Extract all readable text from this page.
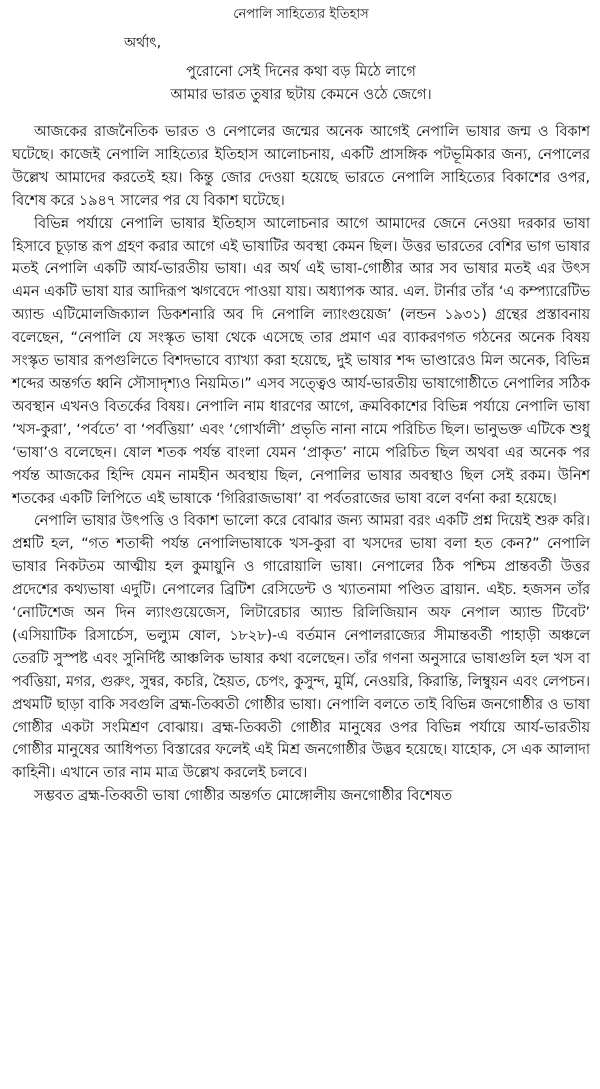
নেপালি সাহিত্যের ইতিহাস
অর্থাৎ,

পুরোনো সেই দিনের কথা বড় মিঠে লাগে

আমার ভারত তুষার ছটায় কেমনে ওঠে জেগে।

আজকের রাজনৈতিক ভারত ও নেপালের জন্মের অনেক আগেই নেপালি ভাষার জন্ম ও বিকাশ ঘটেছে। কাজেই নেপালি সাহিত্যের ইতিহাস আলোচনায়, একটি প্রাসঙ্গিক পটভূমিকার জন্য, নেপালের উল্লেখ আমাদের করতেই হয়। কিন্তু জোর দেওয়া হয়েছে ভারতে নেপালি সাহিত্যের বিকাশের ওপর, বিশেষ করে ১৯৪৭ সালের পর যে বিকাশ ঘটেছে।

বিভিন্ন পর্যায়ে নেপালি ভাষার ইতিহাস আলোচনার আগে আমাদের জেনে নেওয়া দরকার ভাষা হিসাবে চূড়ান্ত রূপ গ্রহণ করার আগে এই ভাষাটির অবস্থা কেমন ছিল। উত্তর ভারতের বেশির ভাগ ভাষার মতই নেপালি একটি আর্য-ভারতীয় ভাষা। এর অর্থ এই ভাষা-গোষ্ঠীর আর সব ভাষার মতই এর উৎস এমন একটি ভাষা যার আদিরূপ ঋগবেদে পাওয়া যায়। অধ্যাপক আর. এল. টার্নার তাঁর ‘এ কম্প্যারেটিভ অ্যান্ড এটিমোলজিক্যাল ডিকশনারি অব দি নেপালি ল্যাংগুয়েজ’ (লন্ডন ১৯৩১) গ্রন্থের প্রস্তাবনায় বলেছেন, “নেপালি যে সংস্কৃত ভাষা থেকে এসেছে তার প্রমাণ এর ব্যাকরণগত গঠনের অনেক বিষয় সংস্কৃত ভাষার রূপগুলিতে বিশদভাবে ব্যাখ্যা করা হয়েছে, দুই ভাষার শব্দ ভাণ্ডারেও মিল অনেক, বিভিন্ন শব্দের অন্তর্গত ধ্বনি সৌসাদৃশ্যও নিয়মিত।” এসব সত্ত্বেও আর্য-ভারতীয় ভাষাগোষ্ঠীতে নেপালির সঠিক অবস্থান এখনও বিতর্কের বিষয়। নেপালি নাম ধারণের আগে, ক্রমবিকাশের বিভিন্ন পর্যায়ে নেপালি ভাষা ‘খস-কুরা’, ‘পর্বতে’ বা ‘পর্বত্তিয়া’ এবং ‘গোর্খালী’ প্রভৃতি নানা নামে পরিচিত ছিল। ভানুভক্ত এটিকে শুধু ‘ভাষা’ও বলেছেন। ষোল শতক পর্যন্ত বাংলা যেমন ‘প্রাকৃত’ নামে পরিচিত ছিল অথবা এর অনেক পর পর্যন্ত আজকের হিন্দি যেমন নামহীন অবস্থায় ছিল, নেপালির ভাষার অবস্থাও ছিল সেই রকম। উনিশ শতকের একটি লিপিতে এই ভাষাকে ‘গিরিরাজভাষা’ বা পর্বতরাজের ভাষা বলে বর্ণনা করা হয়েছে।

নেপালি ভাষার উৎপত্তি ও বিকাশ ভালো করে বোঝার জন্য আমরা বরং একটি প্রশ্ন দিয়েই শুরু করি। প্রশ্নটি হল, “গত শতাব্দী পর্যন্ত নেপালিভাষাকে খস-কুরা বা খসদের ভাষা বলা হত কেন?” নেপালি ভাষার নিকটতম আত্মীয় হল কুমায়ুনি ও গারোয়ালি ভাষা। নেপালের ঠিক পশ্চিম প্রান্তবর্তী উত্তর প্রদেশের কথ্যভাষা এদুটি। নেপালের ব্রিটিশ রেসিডেন্ট ও খ্যাতনামা পণ্ডিত ব্রায়ান. এইচ. হজসন তাঁর ‘নোটিশেজ অন দিন ল্যাংগুয়েজেস, লিটারেচার অ্যান্ড রিলিজিয়ান অফ নেপাল অ্যান্ড টিবেট’ (এসিয়াটিক রিসার্চেস, ভল্যুম ষোল, ১৮২৮)-এ বর্তমান নেপালরাজ্যের সীমান্তবর্তী পাহাড়ী অঞ্চলে তেরটি সুস্পষ্ট এবং সুনির্দিষ্ট আঞ্চলিক ভাষার কথা বলেছেন। তাঁর গণনা অনুসারে ভাষাগুলি হল খস বা পর্বত্তিয়া, মগর, গুরুং, সুন্বর, কচরি, হৈয়ত, চেপং, কুসুন্দ, মুর্মি, নেওয়রি, কিরান্তি, লিম্বুয়ন এবং লেপচন। প্রথমটি ছাড়া বাকি সবগুলি ব্রহ্ম-তিব্বতী গোষ্ঠীর ভাষা। নেপালি বলতে তাই বিভিন্ন জনগোষ্ঠীর ও ভাষা গোষ্ঠীর একটা সংমিশ্রণ বোঝায়। ব্রহ্ম-তিব্বতী গোষ্ঠীর মানুষের ওপর বিভিন্ন পর্যায়ে আর্য-ভারতীয় গোষ্ঠীর মানুষের আধিপত্য বিস্তারের ফলেই এই মিশ্র জনগোষ্ঠীর উদ্ভব হয়েছে। যাহোক, সে এক আলাদা কাহিনী। এখানে তার নাম মাত্র উল্লেখ করলেই চলবে।

সম্ভবত ব্রহ্ম-তিব্বতী ভাষা গোষ্ঠীর অন্তর্গত মোঙ্গোলীয় জনগোষ্ঠীর বিশেষত
